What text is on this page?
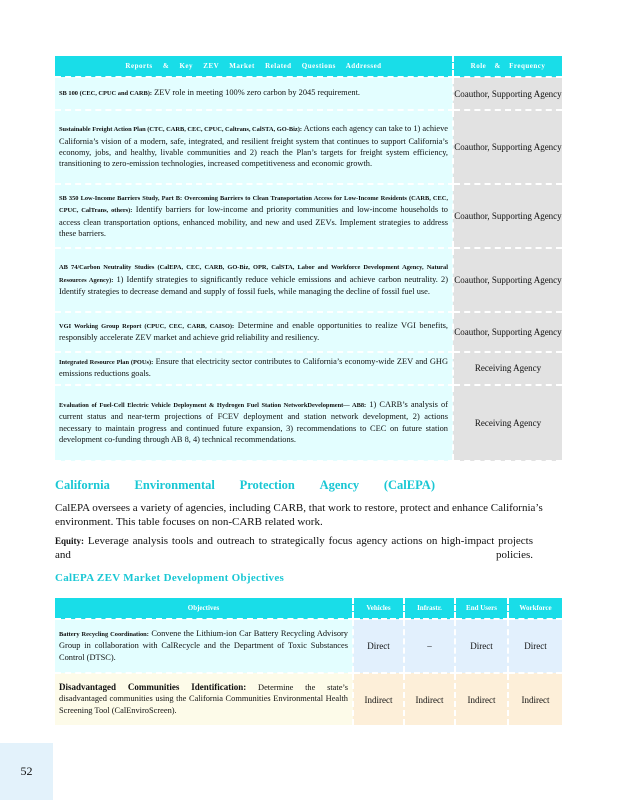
Reports & Key ZEV Market Related Questions Addressed	Role & Frequency
SB 100 (CEC, CPUC and CARB): ZEV role in meeting 100% zero carbon by 2045 requirement.	Coauthor, Supporting Agency
Sustainable Freight Action Plan (CTC, CARB, CEC, CPUC, Caltrans, CalSTA, GO-Biz): Actions each agency can take to 1) achieve California’s vision of a modern, safe, integrated, and resilient freight system that continues to support California’s economy, jobs, and healthy, livable communities and 2) reach the Plan’s targets for freight system efficiency, transitioning to zero-emission technologies, increased competitiveness and economic growth.	Coauthor, Supporting Agency
SB 350 Low-Income Barriers Study, Part B: Overcoming Barriers to Clean Transportation Access for Low-Income Residents (CARB, CEC, CPUC, CalTrans, others): Identify barriers for low-income and priority communities and low-income households to access clean transportation options, enhanced mobility, and new and used ZEVs. Implement strategies to address these barriers.	Coauthor, Supporting Agency
AB 74/Carbon Neutrality Studies (CalEPA, CEC, CARB, GO-Biz, OPR, CalSTA, Labor and Workforce Development Agency, Natural Resources Agency): 1) Identify strategies to significantly reduce vehicle emissions and achieve carbon neutrality. 2) Identify strategies to decrease demand and supply of fossil fuels, while managing the decline of fossil fuel use.	Coauthor, Supporting Agency
VGI Working Group Report (CPUC, CEC, CARB, CAISO): Determine and enable opportunities to realize VGI benefits, responsibly accelerate ZEV market and achieve grid reliability and resiliency.	Coauthor, Supporting Agency
Integrated Resource Plan (POUs): Ensure that electricity sector contributes to California’s economy-wide ZEV and GHG emissions reductions goals.	Receiving Agency
Evaluation of Fuel-Cell Electric Vehicle Deployment & Hydrogen Fuel Station NetworkDevelopment— AB8: 1) CARB’s analysis of current status and near-term projections of FCEV deployment and station network development, 2) actions necessary to maintain progress and continued future expansion, 3) recommendations to CEC on future station development co-funding through AB 8, 4) technical recommendations.	Receiving Agency
California Environmental Protection Agency (CalEPA)

CalEPA oversees a variety of agencies, including CARB, that work to restore, protect and enhance California’s environment. This table focuses on non-CARB related work.

Equity: Leverage analysis tools and outreach to strategically focus agency actions on high-impact projects and policies.

CalEPA ZEV Market Development Objectives
Objectives	Vehicles	Infrastr.	End Users	Workforce
Battery Recycling Coordination: Convene the Lithium-ion Car Battery Recycling Advisory Group in collaboration with CalRecycle and the Department of Toxic Substances Control (DTSC).	Direct	–	Direct	Direct
Disadvantaged Communities Identification: Determine the state’s disadvantaged communities using the California Communities Environmental Health Screening Tool (CalEnviroScreen).	Indirect	Indirect	Indirect	Indirect
52
